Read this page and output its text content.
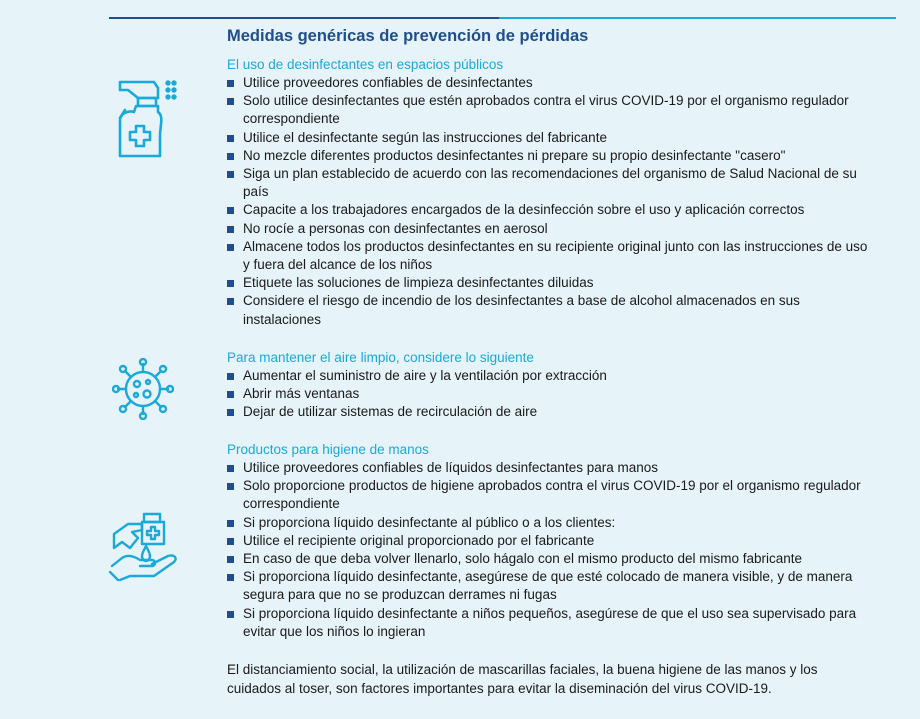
Medidas genéricas de prevención de pérdidas
El uso de desinfectantes en espacios públicos
Utilice proveedores confiables de desinfectantes
Solo utilice desinfectantes que estén aprobados contra el virus COVID-19 por el organismo regulador correspondiente
Utilice el desinfectante según las instrucciones del fabricante
No mezcle diferentes productos desinfectantes ni prepare su propio desinfectante "casero"
Siga un plan establecido de acuerdo con las recomendaciones del organismo de Salud Nacional de su país
Capacite a los trabajadores encargados de la desinfección sobre el uso y aplicación correctos
No rocíe a personas con desinfectantes en aerosol
Almacene todos los productos desinfectantes en su recipiente original junto con las instrucciones de uso y fuera del alcance de los niños
Etiquete las soluciones de limpieza desinfectantes diluidas
Considere el riesgo de incendio de los desinfectantes a base de alcohol almacenados en sus instalaciones
Para mantener el aire limpio, considere lo siguiente
Aumentar el suministro de aire y la ventilación por extracción
Abrir más ventanas
Dejar de utilizar sistemas de recirculación de aire
Productos para higiene de manos
Utilice proveedores confiables de líquidos desinfectantes para manos
Solo proporcione productos de higiene aprobados contra el virus COVID-19 por el organismo regulador correspondiente
Si proporciona líquido desinfectante al público o a los clientes:
Utilice el recipiente original proporcionado por el fabricante
En caso de que deba volver llenarlo, solo hágalo con el mismo producto del mismo fabricante
Si proporciona líquido desinfectante, asegúrese de que esté colocado de manera visible, y de manera segura para que no se produzcan derrames ni fugas
Si proporciona líquido desinfectante a niños pequeños, asegúrese de que el uso sea supervisado para evitar que los niños lo ingieran
El distanciamiento social, la utilización de mascarillas faciales, la buena higiene de las manos y los cuidados al toser, son factores importantes para evitar la diseminación del virus COVID-19.
